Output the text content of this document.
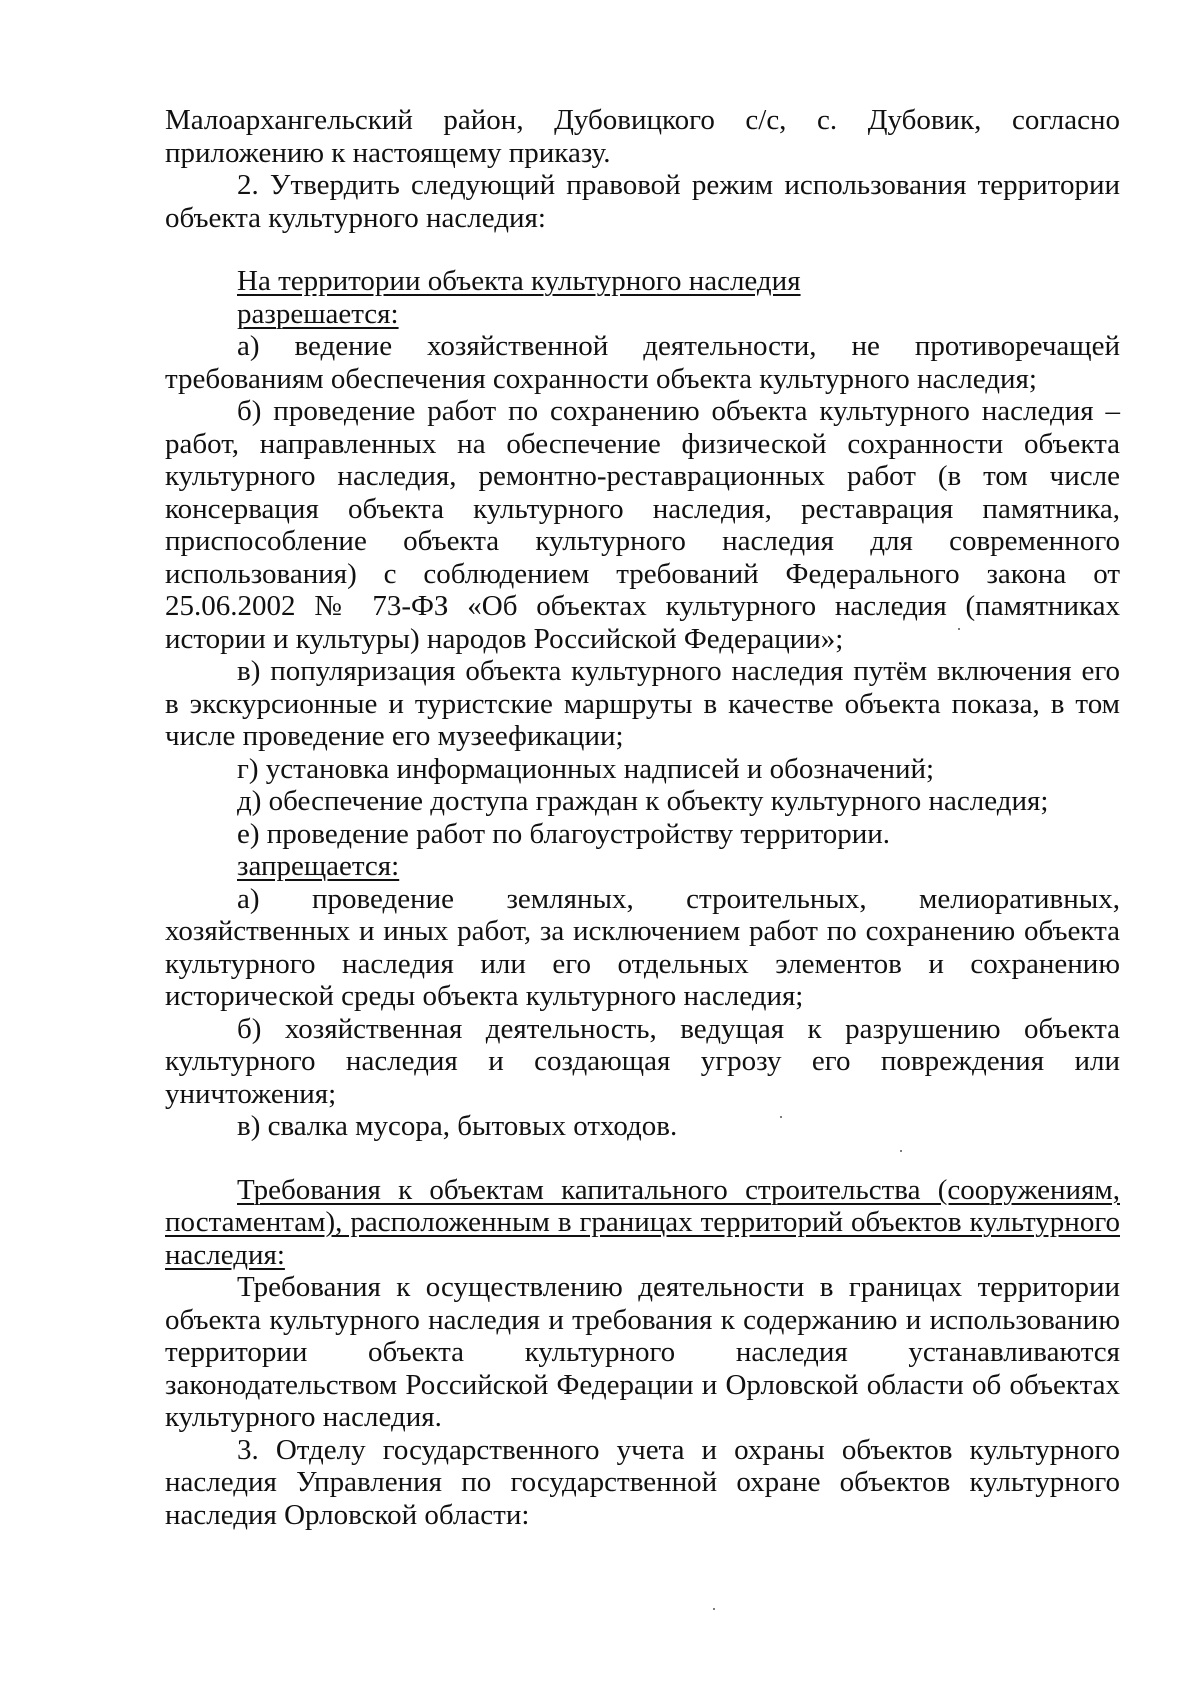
Малоархангельский район, Дубовицкого с/с, с. Дубовик, согласно приложению к настоящему приказу.

2. Утвердить следующий правовой режим использования территории объекта культурного наследия:

На территории объекта культурного наследия

разрешается:

а) ведение хозяйственной деятельности, не противоречащей требованиям обеспечения сохранности объекта культурного наследия;

б) проведение работ по сохранению объекта культурного наследия – работ, направленных на обеспечение физической сохранности объекта культурного наследия, ремонтно-реставрационных работ (в том числе консервация объекта культурного наследия, реставрация памятника, приспособление объекта культурного наследия для современного использования) с соблюдением требований Федерального закона от 25.06.2002 № 73-ФЗ «Об объектах культурного наследия (памятниках истории и культуры) народов Российской Федерации»;

в) популяризация объекта культурного наследия путём включения его в экскурсионные и туристские маршруты в качестве объекта показа, в том числе проведение его музеефикации;

г) установка информационных надписей и обозначений;

д) обеспечение доступа граждан к объекту культурного наследия;

е) проведение работ по благоустройству территории.

запрещается:

а) проведение земляных, строительных, мелиоративных, хозяйственных и иных работ, за исключением работ по сохранению объекта культурного наследия или его отдельных элементов и сохранению исторической среды объекта культурного наследия;

б) хозяйственная деятельность, ведущая к разрушению объекта культурного наследия и создающая угрозу его повреждения или уничтожения;

в) свалка мусора, бытовых отходов.

Требования к объектам капитального строительства (сооружениям, постаментам), расположенным в границах территорий объектов культурного наследия:

Требования к осуществлению деятельности в границах территории объекта культурного наследия и требования к содержанию и использованию территории объекта культурного наследия устанавливаются законодательством Российской Федерации и Орловской области об объектах культурного наследия.

3. Отделу государственного учета и охраны объектов культурного наследия Управления по государственной охране объектов культурного наследия Орловской области:
